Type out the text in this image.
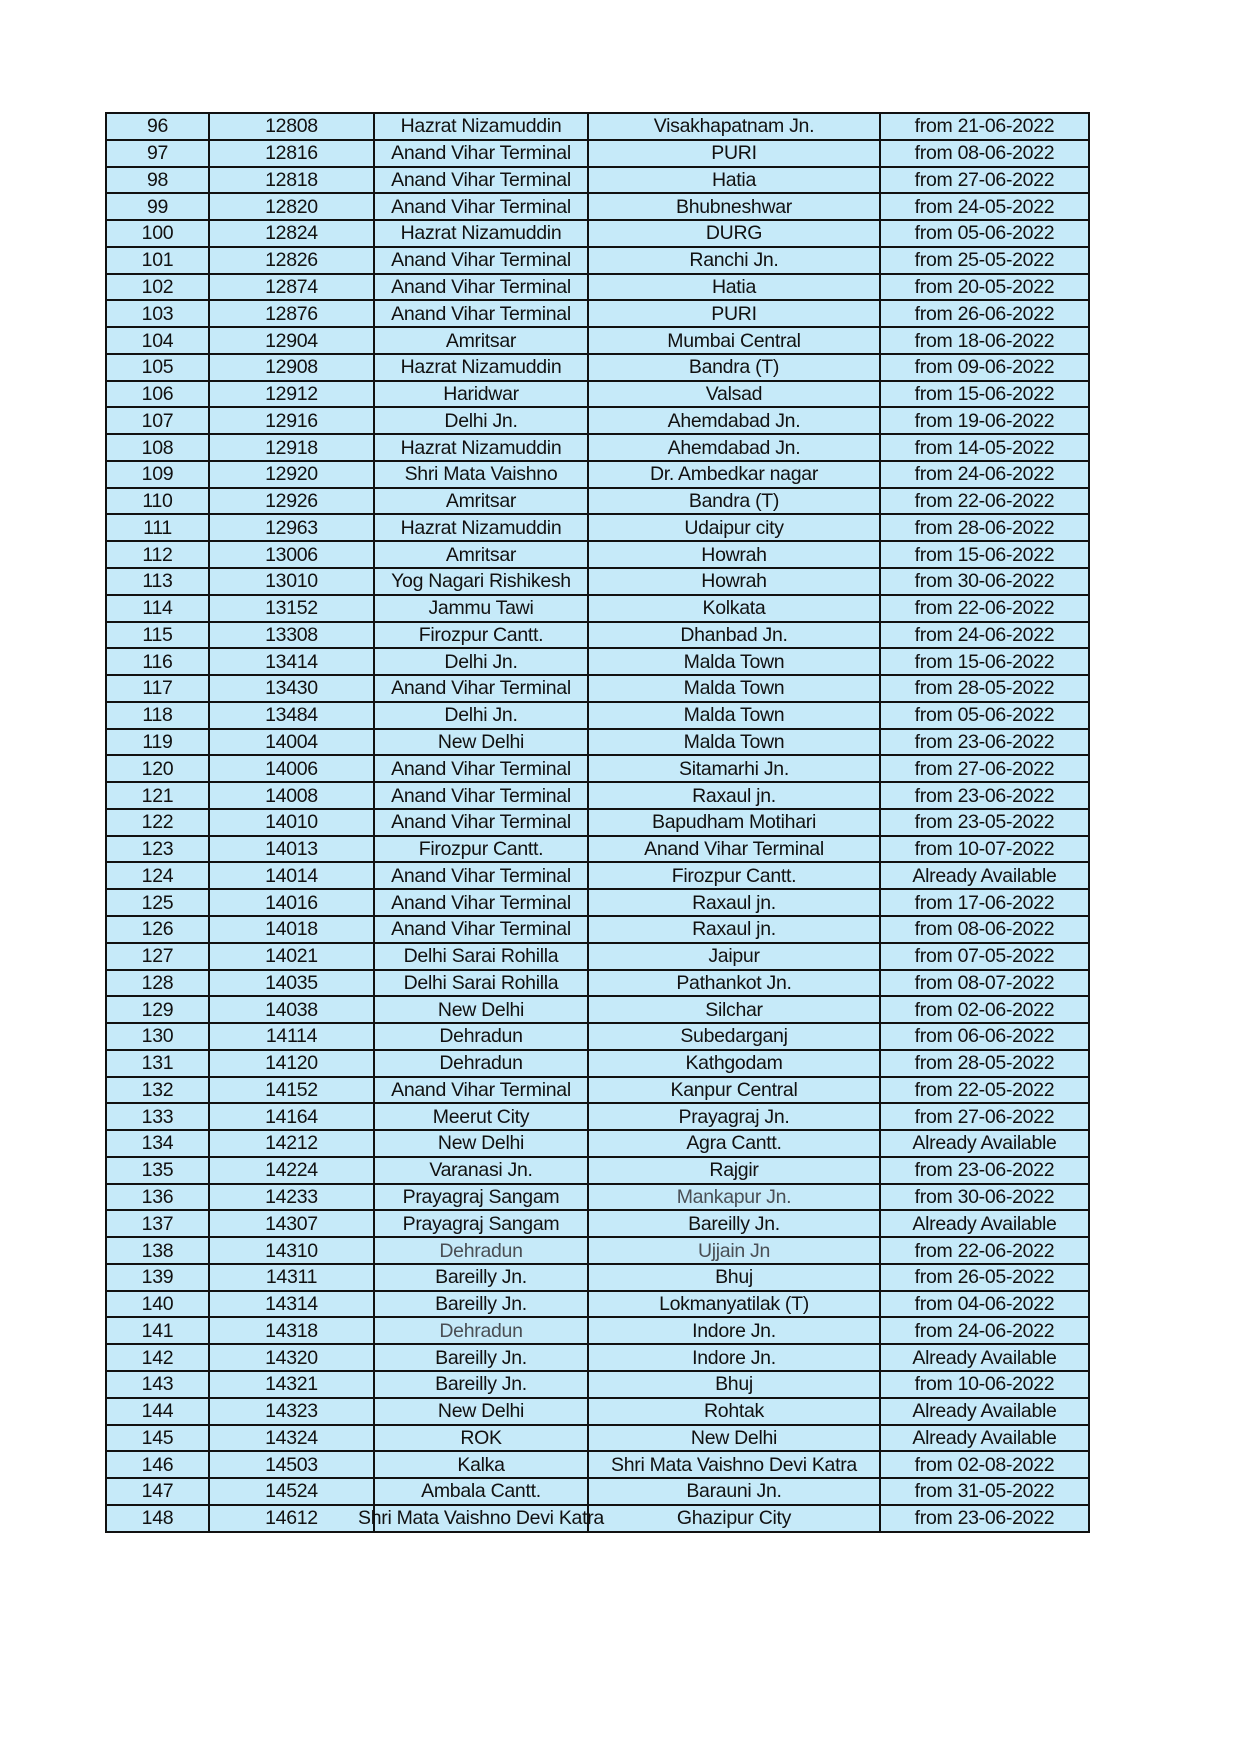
96	12808	Hazrat Nizamuddin	Visakhapatnam Jn.	from 21-06-2022
97	12816	Anand Vihar Terminal	PURI	from 08-06-2022
98	12818	Anand Vihar Terminal	Hatia	from 27-06-2022
99	12820	Anand Vihar Terminal	Bhubneshwar	from 24-05-2022
100	12824	Hazrat Nizamuddin	DURG	from 05-06-2022
101	12826	Anand Vihar Terminal	Ranchi Jn.	from 25-05-2022
102	12874	Anand Vihar Terminal	Hatia	from 20-05-2022
103	12876	Anand Vihar Terminal	PURI	from 26-06-2022
104	12904	Amritsar	Mumbai Central	from 18-06-2022
105	12908	Hazrat Nizamuddin	Bandra (T)	from 09-06-2022
106	12912	Haridwar	Valsad	from 15-06-2022
107	12916	Delhi Jn.	Ahemdabad Jn.	from 19-06-2022
108	12918	Hazrat Nizamuddin	Ahemdabad Jn.	from 14-05-2022
109	12920	Shri Mata Vaishno	Dr. Ambedkar nagar	from 24-06-2022
110	12926	Amritsar	Bandra (T)	from 22-06-2022
111	12963	Hazrat Nizamuddin	Udaipur city	from 28-06-2022
112	13006	Amritsar	Howrah	from 15-06-2022
113	13010	Yog Nagari Rishikesh	Howrah	from 30-06-2022
114	13152	Jammu Tawi	Kolkata	from 22-06-2022
115	13308	Firozpur Cantt.	Dhanbad Jn.	from 24-06-2022
116	13414	Delhi Jn.	Malda Town	from 15-06-2022
117	13430	Anand Vihar Terminal	Malda Town	from 28-05-2022
118	13484	Delhi Jn.	Malda Town	from 05-06-2022
119	14004	New Delhi	Malda Town	from 23-06-2022
120	14006	Anand Vihar Terminal	Sitamarhi Jn.	from 27-06-2022
121	14008	Anand Vihar Terminal	Raxaul jn.	from 23-06-2022
122	14010	Anand Vihar Terminal	Bapudham Motihari	from 23-05-2022
123	14013	Firozpur Cantt.	Anand Vihar Terminal	from 10-07-2022
124	14014	Anand Vihar Terminal	Firozpur Cantt.	Already Available
125	14016	Anand Vihar Terminal	Raxaul jn.	from 17-06-2022
126	14018	Anand Vihar Terminal	Raxaul jn.	from 08-06-2022
127	14021	Delhi Sarai Rohilla	Jaipur	from 07-05-2022
128	14035	Delhi Sarai Rohilla	Pathankot Jn.	from 08-07-2022
129	14038	New Delhi	Silchar	from 02-06-2022
130	14114	Dehradun	Subedarganj	from 06-06-2022
131	14120	Dehradun	Kathgodam	from 28-05-2022
132	14152	Anand Vihar Terminal	Kanpur Central	from 22-05-2022
133	14164	Meerut City	Prayagraj Jn.	from 27-06-2022
134	14212	New Delhi	Agra Cantt.	Already Available
135	14224	Varanasi Jn.	Rajgir	from 23-06-2022
136	14233	Prayagraj Sangam	Mankapur Jn.	from 30-06-2022
137	14307	Prayagraj Sangam	Bareilly Jn.	Already Available
138	14310	Dehradun	Ujjain Jn	from 22-06-2022
139	14311	Bareilly Jn.	Bhuj	from 26-05-2022
140	14314	Bareilly Jn.	Lokmanyatilak (T)	from 04-06-2022
141	14318	Dehradun	Indore Jn.	from 24-06-2022
142	14320	Bareilly Jn.	Indore Jn.	Already Available
143	14321	Bareilly Jn.	Bhuj	from 10-06-2022
144	14323	New Delhi	Rohtak	Already Available
145	14324	ROK	New Delhi	Already Available
146	14503	Kalka	Shri Mata Vaishno Devi Katra	from 02-08-2022
147	14524	Ambala Cantt.	Barauni Jn.	from 31-05-2022
148	14612	Shri Mata Vaishno Devi Katra	Ghazipur City	from 23-06-2022
